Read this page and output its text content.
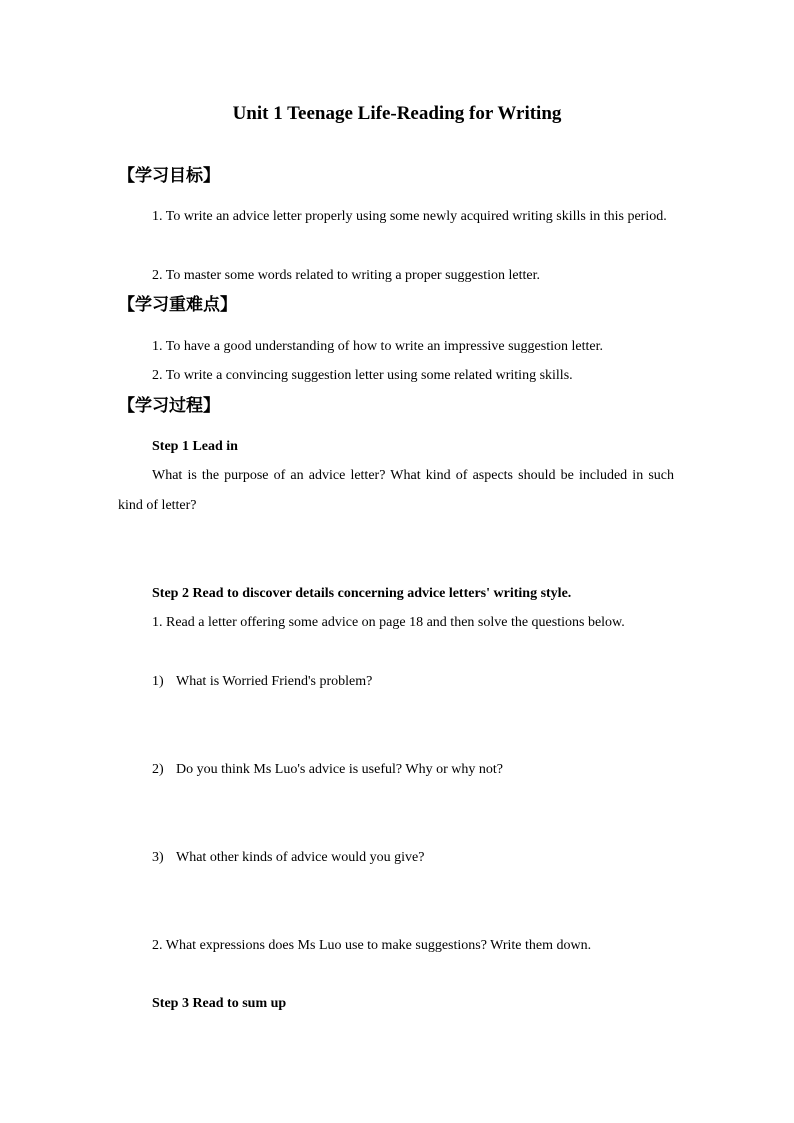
Unit 1 Teenage Life-Reading for Writing
【学习目标】

1. To write an advice letter properly using some newly acquired writing skills in this period.

2. To master some words related to writing a proper suggestion letter.
【学习重难点】
1. To have a good understanding of how to write an impressive suggestion letter.
2. To write a convincing suggestion letter using some related writing skills.
【学习过程】
Step 1 Lead in

What is the purpose of an advice letter? What kind of aspects should be included in such kind of letter?

Step 2 Read to discover details concerning advice letters' writing style.

1. Read a letter offering some advice on page 18 and then solve the questions below.

1) What is Worried Friend's problem?
2) Do you think Ms Luo's advice is useful? Why or why not?
3) What other kinds of advice would you give?
2. What expressions does Ms Luo use to make suggestions? Write them down.
Step 3 Read to sum up
